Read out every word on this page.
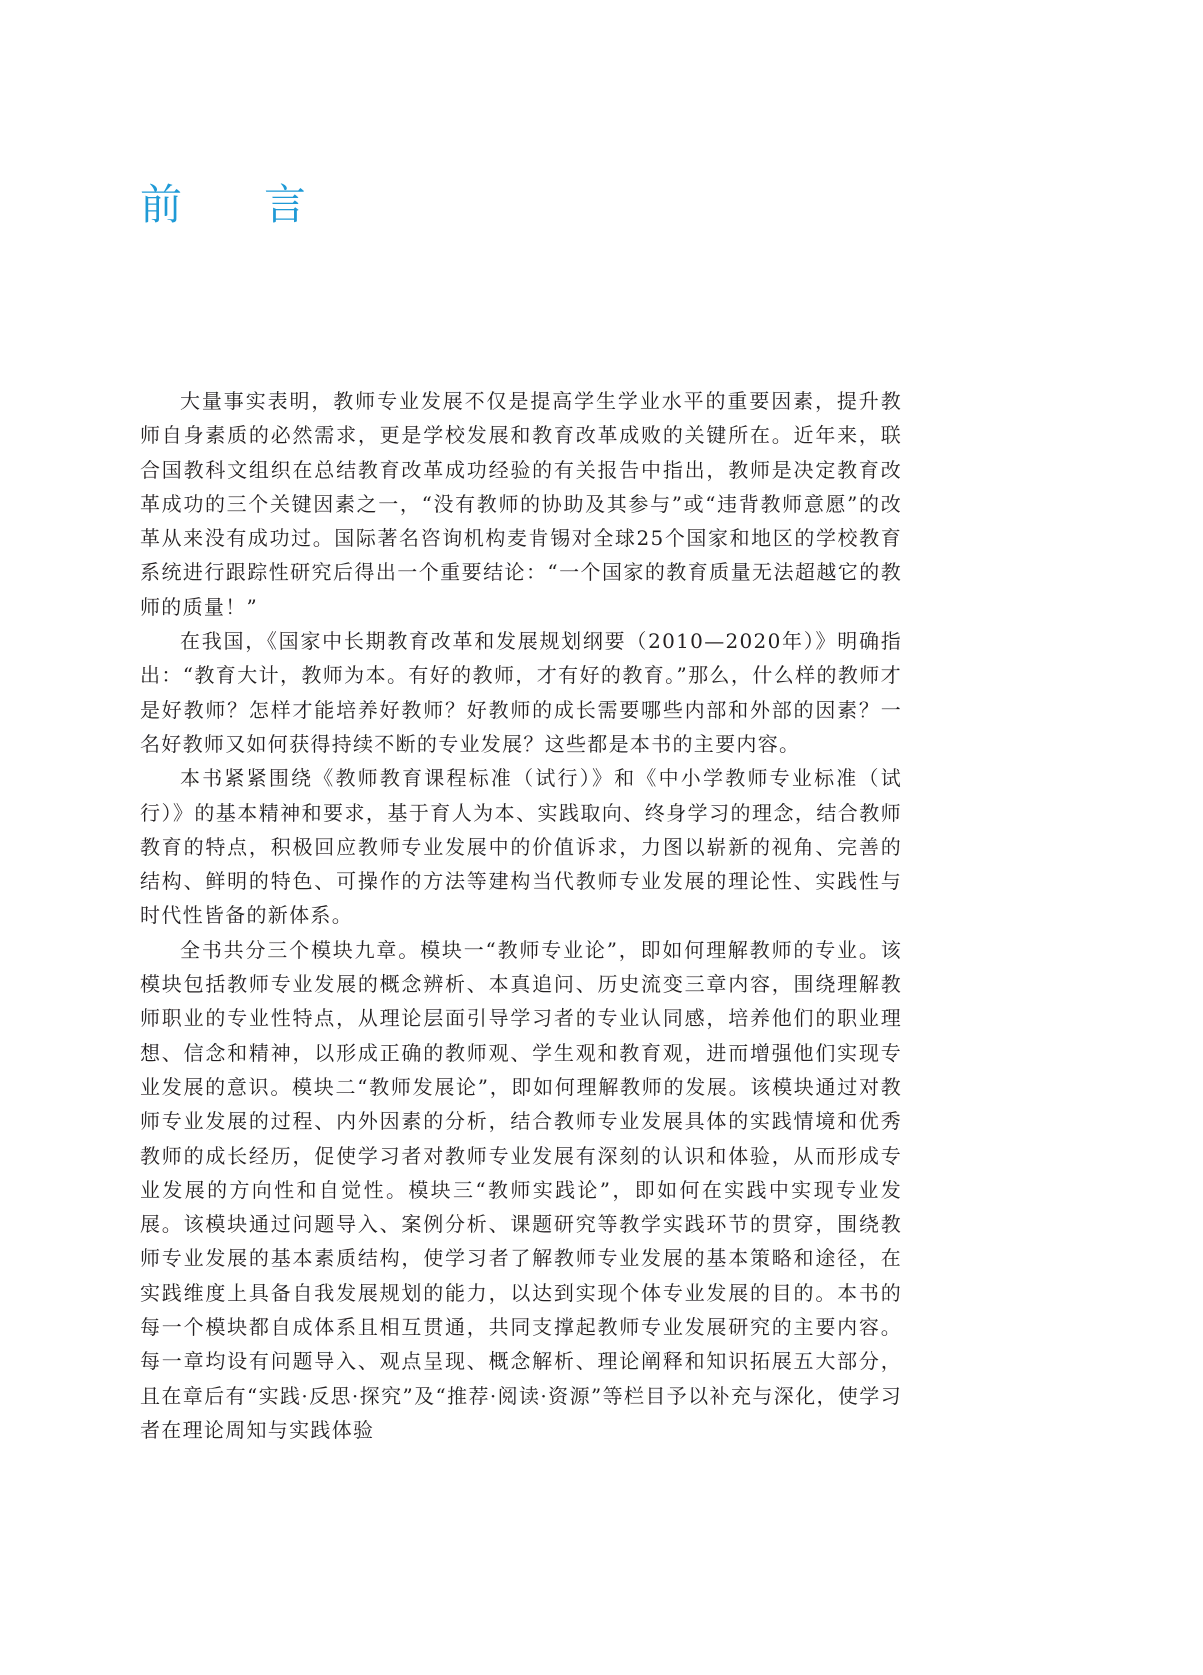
前言

大量事实表明，教师专业发展不仅是提高学生学业水平的重要因素，提升教师自身素质的必然需求，更是学校发展和教育改革成败的关键所在。近年来，联合国教科文组织在总结教育改革成功经验的有关报告中指出，教师是决定教育改革成功的三个关键因素之一，“没有教师的协助及其参与”或“违背教师意愿”的改革从来没有成功过。国际著名咨询机构麦肯锡对全球25个国家和地区的学校教育系统进行跟踪性研究后得出一个重要结论：“一个国家的教育质量无法超越它的教师的质量！”

在我国，《国家中长期教育改革和发展规划纲要（2010—2020年）》明确指出：“教育大计，教师为本。有好的教师，才有好的教育。”那么，什么样的教师才是好教师？怎样才能培养好教师？好教师的成长需要哪些内部和外部的因素？一名好教师又如何获得持续不断的专业发展？这些都是本书的主要内容。

本书紧紧围绕《教师教育课程标准（试行）》和《中小学教师专业标准（试行）》的基本精神和要求，基于育人为本、实践取向、终身学习的理念，结合教师教育的特点，积极回应教师专业发展中的价值诉求，力图以崭新的视角、完善的结构、鲜明的特色、可操作的方法等建构当代教师专业发展的理论性、实践性与时代性皆备的新体系。

全书共分三个模块九章。模块一“教师专业论”，即如何理解教师的专业。该模块包括教师专业发展的概念辨析、本真追问、历史流变三章内容，围绕理解教师职业的专业性特点，从理论层面引导学习者的专业认同感，培养他们的职业理想、信念和精神，以形成正确的教师观、学生观和教育观，进而增强他们实现专业发展的意识。模块二“教师发展论”，即如何理解教师的发展。该模块通过对教师专业发展的过程、内外因素的分析，结合教师专业发展具体的实践情境和优秀教师的成长经历，促使学习者对教师专业发展有深刻的认识和体验，从而形成专业发展的方向性和自觉性。模块三“教师实践论”，即如何在实践中实现专业发展。该模块通过问题导入、案例分析、课题研究等教学实践环节的贯穿，围绕教师专业发展的基本素质结构，使学习者了解教师专业发展的基本策略和途径，在实践维度上具备自我发展规划的能力，以达到实现个体专业发展的目的。本书的每一个模块都自成体系且相互贯通，共同支撑起教师专业发展研究的主要内容。每一章均设有问题导入、观点呈现、概念解析、理论阐释和知识拓展五大部分，且在章后有“实践·反思·探究”及“推荐·阅读·资源”等栏目予以补充与深化，使学习者在理论周知与实践体验
